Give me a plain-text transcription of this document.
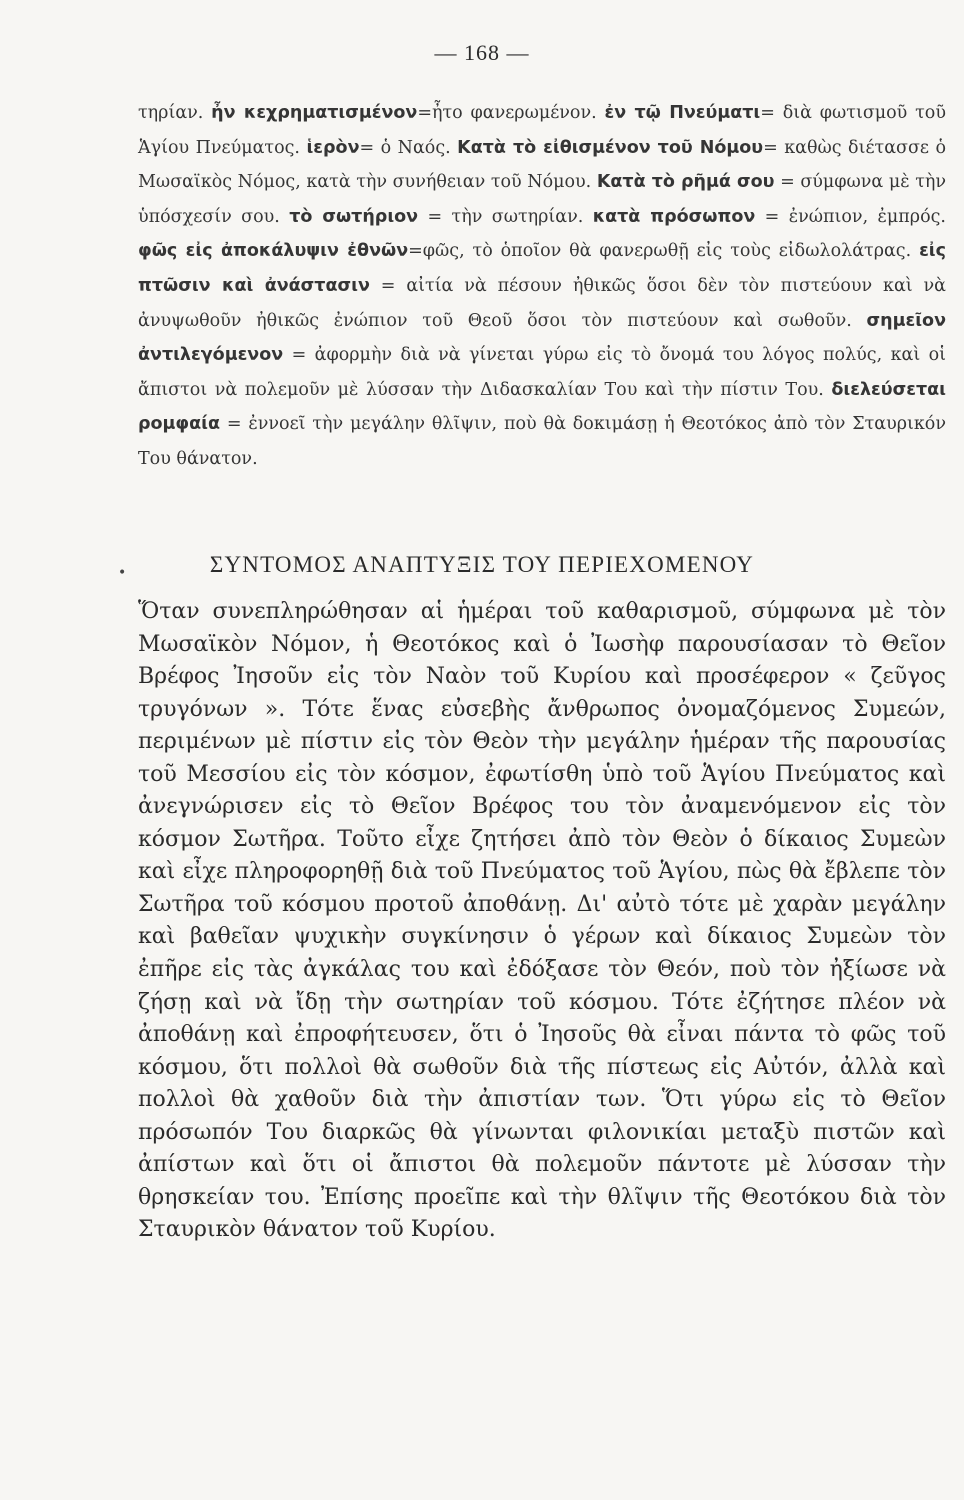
— 168 —

τηρίαν. ἦν κεχρηματισμένον=ἦτο φανερωμένον. ἐν τῷ Πνεύματι= διὰ φωτισμοῦ τοῦ Ἁγίου Πνεύματος. ἱερὸν= ὁ Ναός. Κατὰ τὸ εἰθισμένον τοῦ Νόμου= καθὼς διέτασσε ὁ Μωσαϊκὸς Νόμος, κατὰ τὴν συνήθειαν τοῦ Νόμου. Κατὰ τὸ ρῆμά σου = σύμφωνα μὲ τὴν ὑπόσχεσίν σου. τὸ σωτήριον = τὴν σωτηρίαν. κατὰ πρόσωπον = ἐνώπιον, ἐμπρός. φῶς εἰς ἀποκάλυψιν ἐθνῶν=φῶς, τὸ ὁποῖον θὰ φανερωθῇ εἰς τοὺς εἰδωλολάτρας. εἰς πτῶσιν καὶ ἀνάστασιν = αἰτία νὰ πέσουν ἠθικῶς ὅσοι δὲν τὸν πιστεύουν καὶ νὰ ἀνυψωθοῦν ἠθικῶς ἐνώπιον τοῦ Θεοῦ ὅσοι τὸν πιστεύουν καὶ σωθοῦν. σημεῖον ἀντιλεγόμενον = ἀφορμὴν διὰ νὰ γίνεται γύρω εἰς τὸ ὄνομά του λόγος πολύς, καὶ οἱ ἄπιστοι νὰ πολεμοῦν μὲ λύσσαν τὴν Διδασκαλίαν Του καὶ τὴν πίστιν Του. διελεύσεται ρομφαία = ἐννοεῖ τὴν μεγάλην θλῖψιν, ποὺ θὰ δοκιμάσῃ ἡ Θεοτόκος ἀπὸ τὸν Σταυρικόν Του θάνατον.

•	ΣΥΝΤΟΜΟΣ ΑΝΑΠΤΥΞΙΣ ΤΟΥ ΠΕΡΙΕΧΟΜΕΝΟΥ

Ὅταν συνεπληρώθησαν αἱ ἡμέραι τοῦ καθαρισμοῦ, σύμφωνα μὲ τὸν Μωσαϊκὸν Νόμον, ἡ Θεοτόκος καὶ ὁ Ἰωσὴφ παρουσίασαν τὸ Θεῖον Βρέφος Ἰησοῦν εἰς τὸν Ναὸν τοῦ Κυρίου καὶ προσέφερον « ζεῦγος τρυγόνων ». Τότε ἕνας εὐσεβὴς ἄνθρωπος ὀνομαζόμενος Συμεών, περιμένων μὲ πίστιν εἰς τὸν Θεὸν τὴν μεγάλην ἡμέραν τῆς παρουσίας τοῦ Μεσσίου εἰς τὸν κόσμον, ἐφωτίσθη ὑπὸ τοῦ Ἁγίου Πνεύματος καὶ ἀνεγνώρισεν εἰς τὸ Θεῖον Βρέφος του τὸν ἀναμενόμενον εἰς τὸν κόσμον Σωτῆρα. Τοῦτο εἶχε ζητήσει ἀπὸ τὸν Θεὸν ὁ δίκαιος Συμεὼν καὶ εἶχε πληροφορηθῇ διὰ τοῦ Πνεύματος τοῦ Ἁγίου, πὼς θὰ ἔβλεπε τὸν Σωτῆρα τοῦ κόσμου προτοῦ ἀποθάνῃ. Δι' αὐτὸ τότε μὲ χαρὰν μεγάλην καὶ βαθεῖαν ψυχικὴν συγκίνησιν ὁ γέρων καὶ δίκαιος Συμεὼν τὸν ἐπῆρε εἰς τὰς ἀγκάλας του καὶ ἐδόξασε τὸν Θεόν, ποὺ τὸν ἠξίωσε νὰ ζήσῃ καὶ νὰ ἴδῃ τὴν σωτηρίαν τοῦ κόσμου. Τότε ἐζήτησε πλέον νὰ ἀποθάνῃ καὶ ἐπροφήτευσεν, ὅτι ὁ Ἰησοῦς θὰ εἶναι πάντα τὸ φῶς τοῦ κόσμου, ὅτι πολλοὶ θὰ σωθοῦν διὰ τῆς πίστεως εἰς Αὐτόν, ἀλλὰ καὶ πολλοὶ θὰ χαθοῦν διὰ τὴν ἀπιστίαν των. Ὅτι γύρω εἰς τὸ Θεῖον πρόσωπόν Του διαρκῶς θὰ γίνωνται φιλονικίαι μεταξὺ πιστῶν καὶ ἀπίστων καὶ ὅτι οἱ ἄπιστοι θὰ πολεμοῦν πάντοτε μὲ λύσσαν τὴν θρησκείαν του. Ἐπίσης προεῖπε καὶ τὴν θλῖψιν τῆς Θεοτόκου διὰ τὸν Σταυρικὸν θάνατον τοῦ Κυρίου.
